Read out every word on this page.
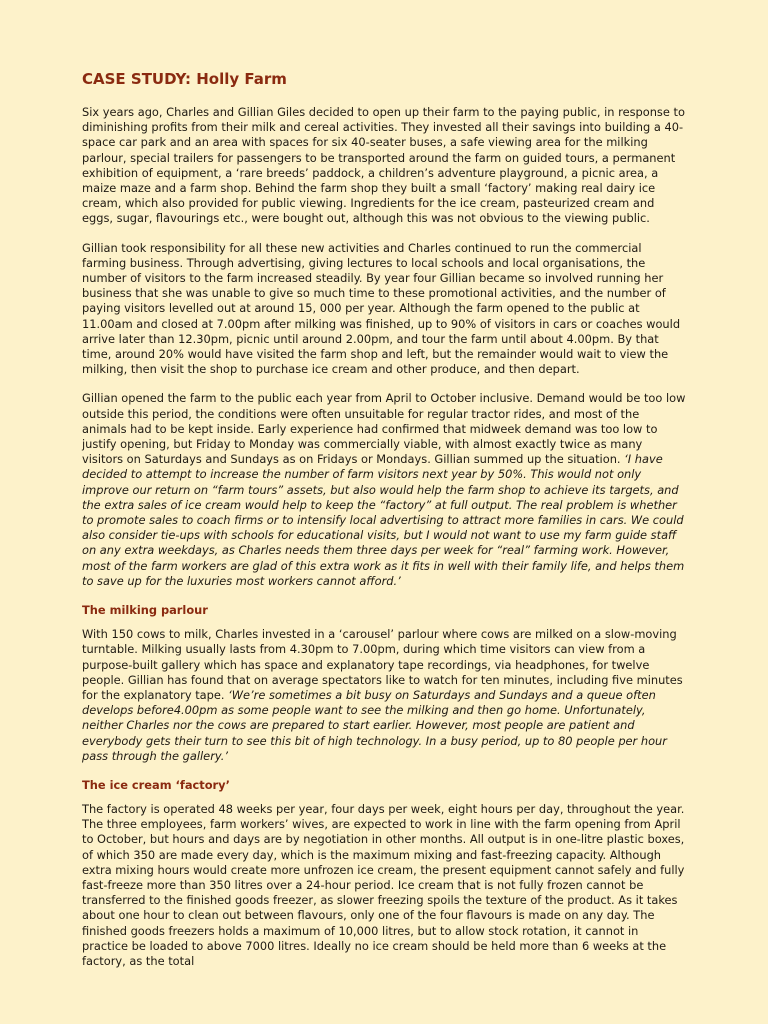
CASE STUDY: Holly Farm

Six years ago, Charles and Gillian Giles decided to open up their farm to the paying public, in response to diminishing profits from their milk and cereal activities. They invested all their savings into building a 40-space car park and an area with spaces for six 40-seater buses, a safe viewing area for the milking parlour, special trailers for passengers to be transported around the farm on guided tours, a permanent exhibition of equipment, a ‘rare breeds’ paddock, a children’s adventure playground, a picnic area, a maize maze and a farm shop. Behind the farm shop they built a small ‘factory’ making real dairy ice cream, which also provided for public viewing. Ingredients for the ice cream, pasteurized cream and eggs, sugar, flavourings etc., were bought out, although this was not obvious to the viewing public.

Gillian took responsibility for all these new activities and Charles continued to run the commercial farming business. Through advertising, giving lectures to local schools and local organisations, the number of visitors to the farm increased steadily. By year four Gillian became so involved running her business that she was unable to give so much time to these promotional activities, and the number of paying visitors levelled out at around 15, 000 per year. Although the farm opened to the public at 11.00am and closed at 7.00pm after milking was finished, up to 90% of visitors in cars or coaches would arrive later than 12.30pm, picnic until around 2.00pm, and tour the farm until about 4.00pm. By that time, around 20% would have visited the farm shop and left, but the remainder would wait to view the milking, then visit the shop to purchase ice cream and other produce, and then depart.

Gillian opened the farm to the public each year from April to October inclusive. Demand would be too low outside this period, the conditions were often unsuitable for regular tractor rides, and most of the animals had to be kept inside. Early experience had confirmed that midweek demand was too low to justify opening, but Friday to Monday was commercially viable, with almost exactly twice as many visitors on Saturdays and Sundays as on Fridays or Mondays. Gillian summed up the situation. ‘I have decided to attempt to increase the number of farm visitors next year by 50%. This would not only improve our return on “farm tours” assets, but also would help the farm shop to achieve its targets, and the extra sales of ice cream would help to keep the “factory” at full output. The real problem is whether to promote sales to coach firms or to intensify local advertising to attract more families in cars. We could also consider tie-ups with schools for educational visits, but I would not want to use my farm guide staff on any extra weekdays, as Charles needs them three days per week for “real” farming work. However, most of the farm workers are glad of this extra work as it fits in well with their family life, and helps them to save up for the luxuries most workers cannot afford.’

The milking parlour

With 150 cows to milk, Charles invested in a ‘carousel’ parlour where cows are milked on a slow-moving turntable. Milking usually lasts from 4.30pm to 7.00pm, during which time visitors can view from a purpose-built gallery which has space and explanatory tape recordings, via headphones, for twelve people. Gillian has found that on average spectators like to watch for ten minutes, including five minutes for the explanatory tape. ‘We’re sometimes a bit busy on Saturdays and Sundays and a queue often develops before4.00pm as some people want to see the milking and then go home. Unfortunately, neither Charles nor the cows are prepared to start earlier. However, most people are patient and everybody gets their turn to see this bit of high technology. In a busy period, up to 80 people per hour pass through the gallery.’

The ice cream ‘factory’

The factory is operated 48 weeks per year, four days per week, eight hours per day, throughout the year. The three employees, farm workers’ wives, are expected to work in line with the farm opening from April to October, but hours and days are by negotiation in other months. All output is in one-litre plastic boxes, of which 350 are made every day, which is the maximum mixing and fast-freezing capacity. Although extra mixing hours would create more unfrozen ice cream, the present equipment cannot safely and fully fast-freeze more than 350 litres over a 24-hour period. Ice cream that is not fully frozen cannot be transferred to the finished goods freezer, as slower freezing spoils the texture of the product. As it takes about one hour to clean out between flavours, only one of the four flavours is made on any day. The finished goods freezers holds a maximum of 10,000 litres, but to allow stock rotation, it cannot in practice be loaded to above 7000 litres. Ideally no ice cream should be held more than 6 weeks at the factory, as the total
